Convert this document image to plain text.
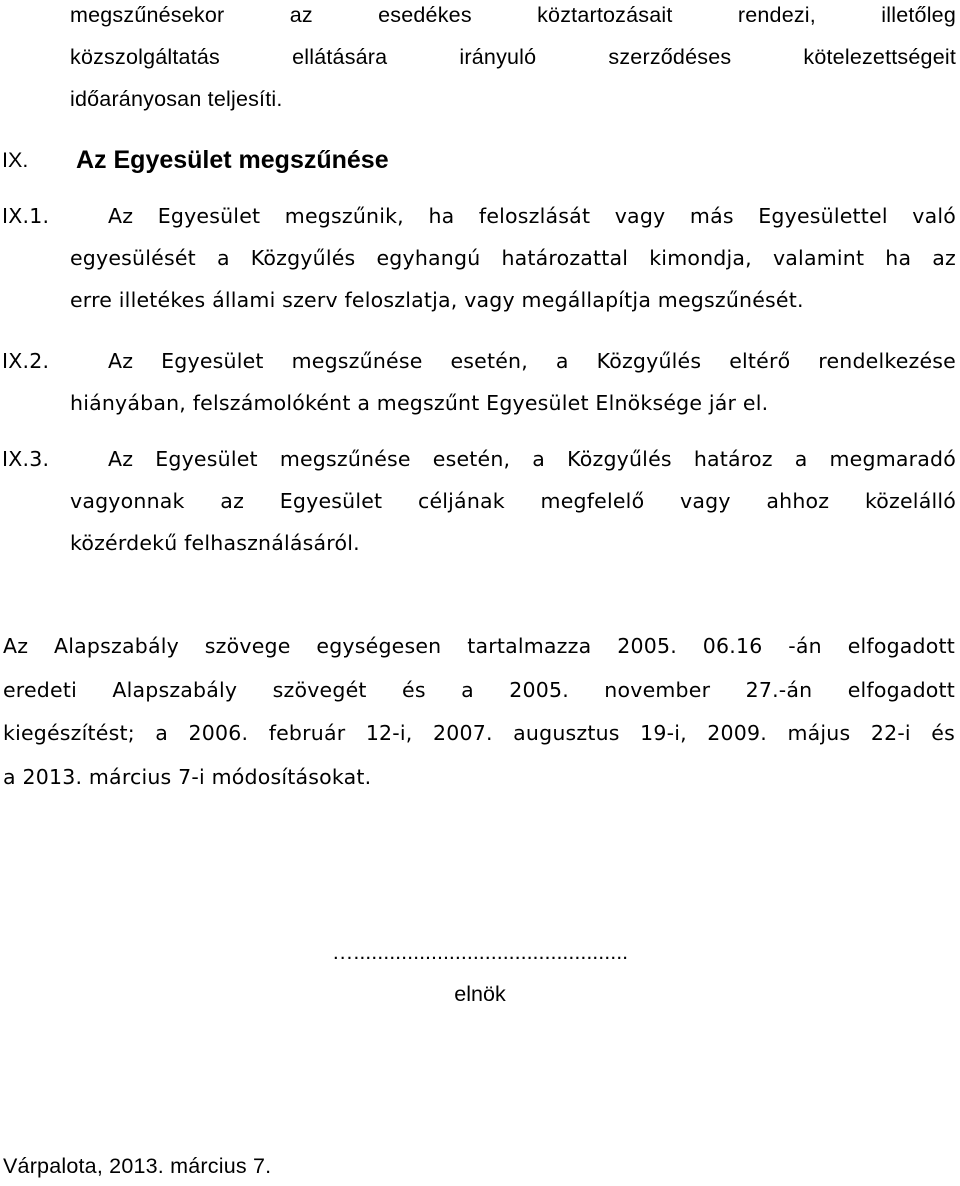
megszűnésekor az esedékes köztartozásait rendezi, illetőleg
közszolgáltatás ellátására irányuló szerződéses kötelezettségeit
időarányosan teljesíti.
IX. Az Egyesület megszűnése
IX.1.	Az Egyesület megszűnik, ha feloszlását vagy más Egyesülettel való
egyesülését a Közgyűlés egyhangú határozattal kimondja, valamint ha az
erre illetékes állami szerv feloszlatja, vagy megállapítja megszűnését.
IX.2.	Az Egyesület megszűnése esetén, a Közgyűlés eltérő rendelkezése
hiányában, felszámolóként a megszűnt Egyesület Elnöksége jár el.
IX.3.	Az Egyesület megszűnése esetén, a Közgyűlés határoz a megmaradó
vagyonnak az Egyesület céljának megfelelő vagy ahhoz közelálló
közérdekű felhasználásáról.
Az Alapszabály szövege egységesen tartalmazza 2005. 06.16 -án elfogadott
eredeti Alapszabály szövegét és a 2005. november 27.-án elfogadott
kiegészítést; a 2006. február 12-i, 2007. augusztus 19-i, 2009. május 22-i és
a 2013. március 7-i módosításokat.
…..............................................
elnök
Várpalota, 2013. március 7.
